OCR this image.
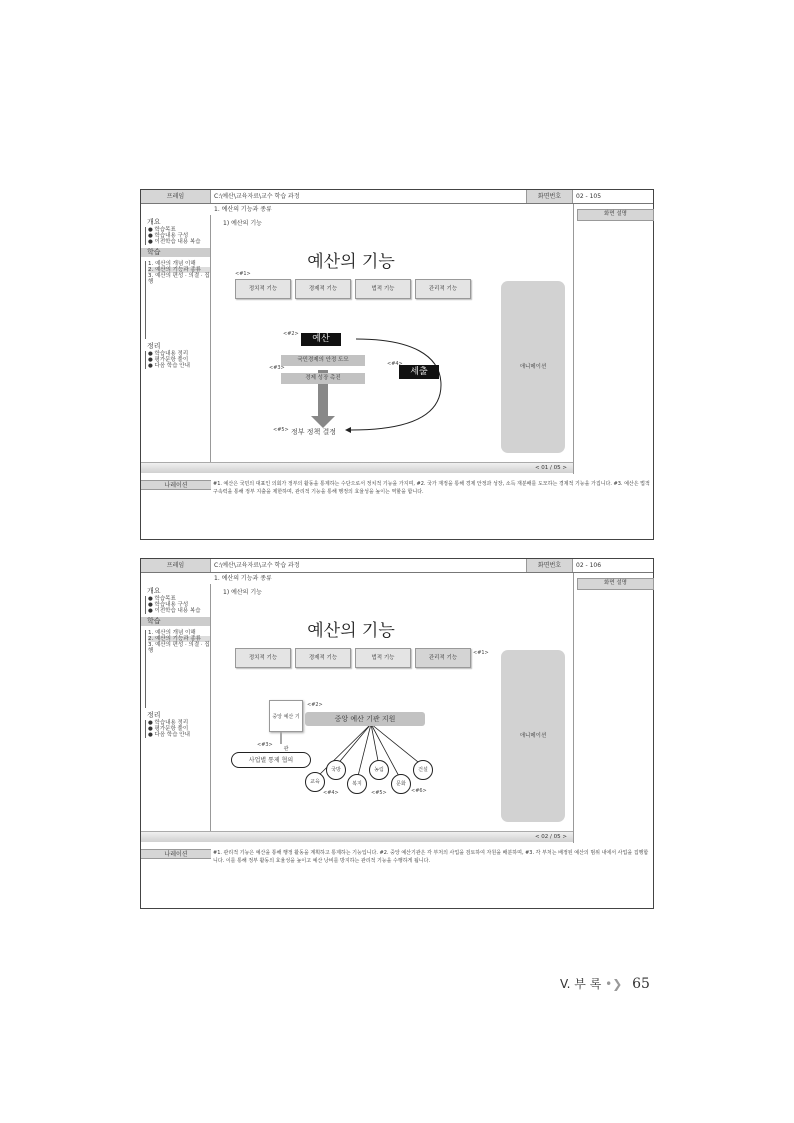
프레임	C:\예산\교육자료\교수 학습 과정	화면번호	02 - 105
1. 예산의 기능과 종류
개요
● 학습목표
● 학습내용 구성
● 이전학습 내용 복습
학습
1. 예산의 개념 이해
2. 예산의 기능과 종류
3. 예산의 편성 · 의결 · 집행
정리
● 학습내용 정리
● 평가문항 풀이
● 다음 학습 안내
1) 예산의 기능
예산의 기능
정치적 기능	경제적 기능	법적 기능	관리적 기능
애니메이션
예산
국민경제의 안정 도모
경제 성장 촉진
세출
정부 정책 결정
<#1>
<#2>
<#3>
<#4>
<#5>
< 01 / 05 >
화면 설명
나레이션	#1. 예산은 국민의 대표인 의회가 정부의 활동을 통제하는 수단으로서 정치적 기능을 가지며, #2. 국가 재정을 통해 경제 안정과 성장, 소득 재분배를 도모하는 경제적 기능을 가집니다. #3. 예산은 법적 구속력을 통해 정부 지출을 제한하며, 관리적 기능을 통해 행정의 효율성을 높이는 역할을 합니다.
프레임	C:\예산\교육자료\교수 학습 과정	화면번호	02 - 106
1. 예산의 기능과 종류
개요
● 학습목표
● 학습내용 구성
● 이전학습 내용 복습
학습
1. 예산의 개념 이해
2. 예산의 기능과 종류
3. 예산의 편성 · 의결 · 집행
정리
● 학습내용 정리
● 평가문항 풀이
● 다음 학습 안내
1) 예산의 기능
예산의 기능
정치적 기능	경제적 기능	법적 기능	관리적 기능
<#1>
애니메이션
중앙 예산 기관
중앙 예산 기관 지원
사업별 통제 협의
교육
국방
복지
농림
문화
건설
<#2>
<#3>
<#4>	<#5>	<#6>
< 02 / 05 >
화면 설명
나레이션	#1. 관리적 기능은 예산을 통해 행정 활동을 계획하고 통제하는 기능입니다. #2. 중앙 예산기관은 각 부처의 사업을 검토하여 자원을 배분하며, #3. 각 부처는 배정된 예산의 범위 내에서 사업을 집행합니다. 이를 통해 정부 활동의 효율성을 높이고 예산 낭비를 방지하는 관리적 기능을 수행하게 됩니다.
V. 부 록 •❯ 65
